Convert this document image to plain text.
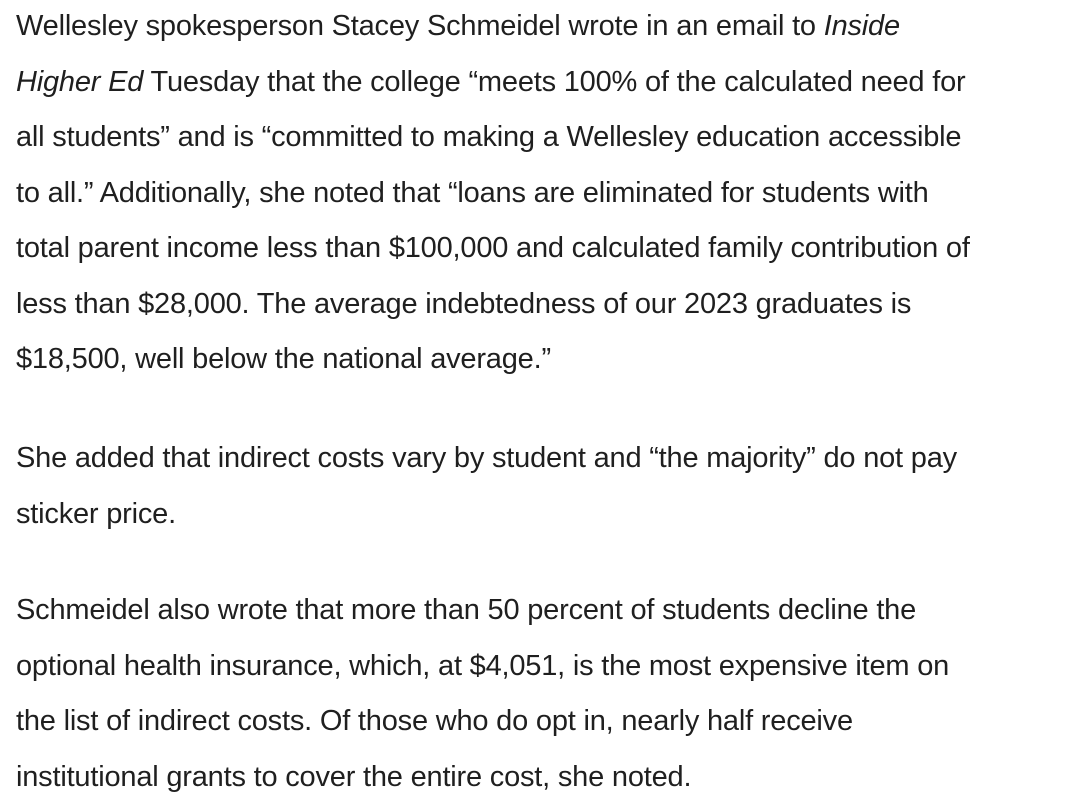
Wellesley spokesperson Stacey Schmeidel wrote in an email to Inside
Higher Ed Tuesday that the college “meets 100% of the calculated need for
all students” and is “committed to making a Wellesley education accessible
to all.” Additionally, she noted that “loans are eliminated for students with
total parent income less than $100,000 and calculated family contribution of
less than $28,000. The average indebtedness of our 2023 graduates is
$18,500, well below the national average.”

She added that indirect costs vary by student and “the majority” do not pay
sticker price.

Schmeidel also wrote that more than 50 percent of students decline the
optional health insurance, which, at $4,051, is the most expensive item on
the list of indirect costs. Of those who do opt in, nearly half receive
institutional grants to cover the entire cost, she noted.
